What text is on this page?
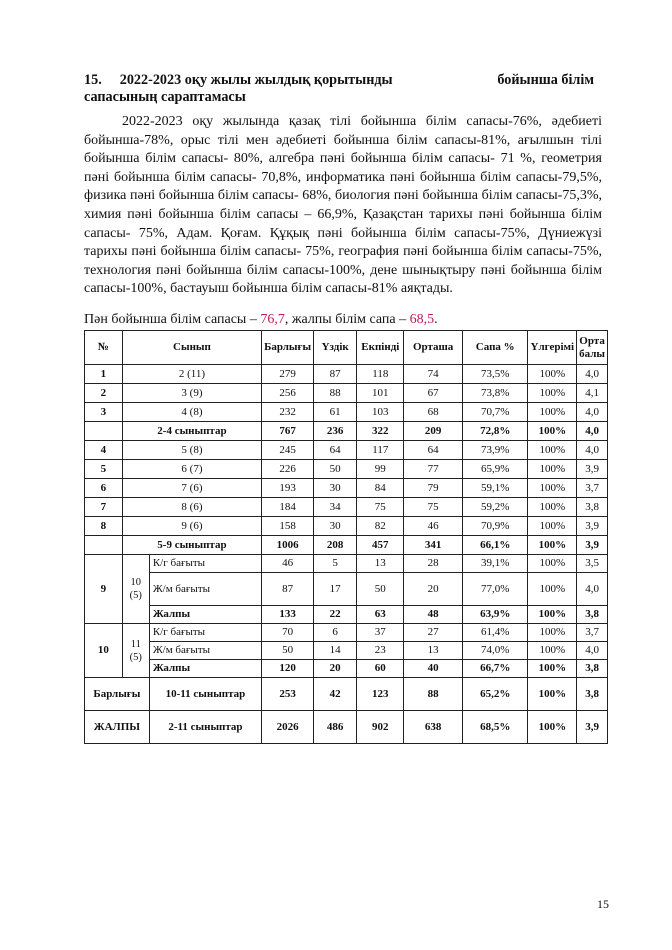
бойынша білім
15. 2022-2023 оқу жылы жылдық қорытынды
сапасының сараптамасы

2022-2023 оқу жылында қазақ тілі бойынша білім сапасы-76%, әдебиеті бойынша-78%, орыс тілі мен әдебиеті бойынша білім сапасы-81%, ағылшын тілі бойынша білім сапасы- 80%, алгебра пәні бойынша білім сапасы- 71 %, геометрия пәні бойынша білім сапасы- 70,8%, информатика пәні бойынша білім сапасы-79,5%, физика пәні бойынша білім сапасы- 68%, биология пәні бойынша білім сапасы-75,3%, химия пәні бойынша білім сапасы – 66,9%, Қазақстан тарихы пәні бойынша білім сапасы- 75%, Адам. Қоғам. Құқық пәні бойынша білім сапасы-75%, Дүниежүзі тарихы пәні бойынша білім сапасы- 75%, география пәні бойынша білім сапасы-75%, технология пәні бойынша білім сапасы-100%, дене шынықтыру пәні бойынша білім сапасы-100%, бастауыш бойынша білім сапасы-81% аяқтады.

Пән бойынша білім сапасы – 76,7, жалпы білім сапа – 68,5.
№	Сынып		Барлығы	Үздік	Екпінді	Орташа	Сапа %	Үлгерімі	Орта балы
1	2 (11)		279	87	118	74	73,5%	100%	4,0
2	3 (9)		256	88	101	67	73,8%	100%	4,1
3	4 (8)		232	61	103	68	70,7%	100%	4,0
	2-4 сыныптар		767	236	322	209	72,8%	100%	4,0
4	5 (8)		245	64	117	64	73,9%	100%	4,0
5	6 (7)		226	50	99	77	65,9%	100%	3,9
6	7 (6)		193	30	84	79	59,1%	100%	3,7
7	8 (6)		184	34	75	75	59,2%	100%	3,8
8	9 (6)		158	30	82	46	70,9%	100%	3,9
	5-9 сыныптар		1006	208	457	341	66,1%	100%	3,9
9	10 (5)	К/г бағыты	46	5	13	28	39,1%	100%	3,5
		Ж/м бағыты	87	17	50	20	77,0%	100%	4,0
		Жалпы	133	22	63	48	63,9%	100%	3,8
10	11 (5)	К/г бағыты	70	6	37	27	61,4%	100%	3,7
		Ж/м бағыты	50	14	23	13	74,0%	100%	4,0
		Жалпы	120	20	60	40	66,7%	100%	3,8
Барлығы		10-11 сыныптар	253	42	123	88	65,2%	100%	3,8
ЖАЛПЫ		2-11 сыныптар	2026	486	902	638	68,5%	100%	3,9
15
